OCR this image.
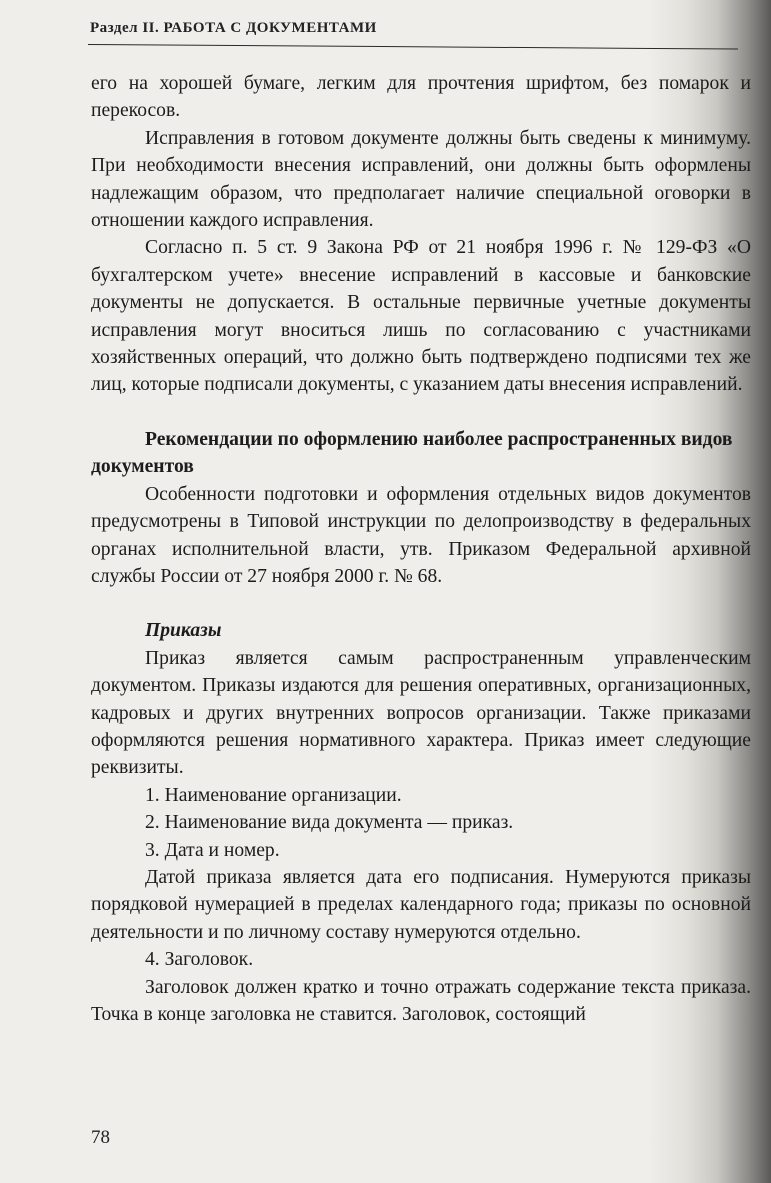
Раздел II. РАБОТА С ДОКУМЕНТАМИ

его на хорошей бумаге, легким для прочтения шрифтом, без помарок и перекосов.

Исправления в готовом документе должны быть сведены к минимуму. При необходимости внесения исправлений, они должны быть оформлены надлежащим образом, что предполагает наличие специальной оговорки в отношении каждого исправления.

Согласно п. 5 ст. 9 Закона РФ от 21 ноября 1996 г. № 129-ФЗ «О бухгалтерском учете» внесение исправлений в кассовые и банковские документы не допускается. В остальные первичные учетные документы исправления могут вноситься лишь по согласованию с участниками хозяйственных операций, что должно быть подтверждено подписями тех же лиц, которые подписали документы, с указанием даты внесения исправлений.

Рекомендации по оформлению наиболее распространенных видов документов

Особенности подготовки и оформления отдельных видов документов предусмотрены в Типовой инструкции по делопроизводству в федеральных органах исполнительной власти, утв. Приказом Федеральной архивной службы России от 27 ноября 2000 г. № 68.

Приказы

Приказ является самым распространенным управленческим документом. Приказы издаются для решения оперативных, организационных, кадровых и других внутренних вопросов организации. Также приказами оформляются решения нормативного характера. Приказ имеет следующие реквизиты.

1. Наименование организации.

2. Наименование вида документа — приказ.

3. Дата и номер.

Датой приказа является дата его подписания. Нумеруются приказы порядковой нумерацией в пределах календарного года; приказы по основной деятельности и по личному составу нумеруются отдельно.

4. Заголовок.

Заголовок должен кратко и точно отражать содержание текста приказа. Точка в конце заголовка не ставится. Заголовок, состоящий

78
